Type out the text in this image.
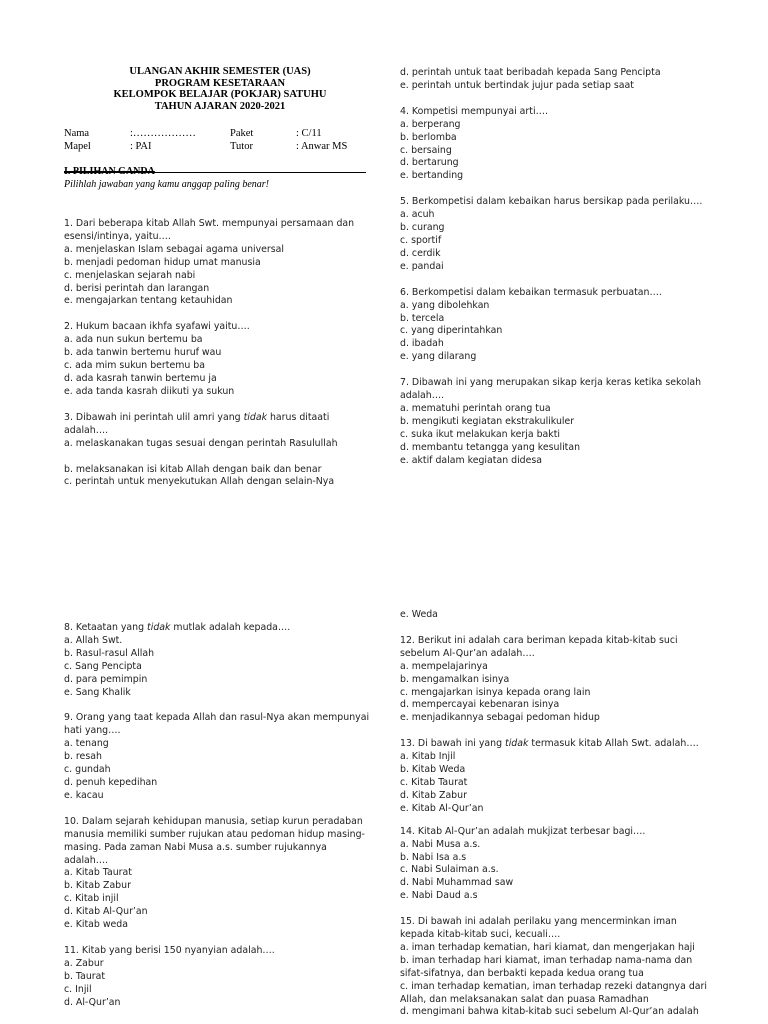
ULANGAN AKHIR SEMESTER (UAS)
PROGRAM KESETARAAN
KELOMPOK BELAJAR (POKJAR) SATUHU
TAHUN AJARAN 2020-2021
Nama
Mapel
:………………
: PAI
Paket
Tutor
: C/11
: Anwar MS
I. PILIHAN GANDA
Pilihlah jawaban yang kamu anggap paling benar!

1. Dari beberapa kitab Allah Swt. mempunyai persamaan dan esensi/intinya, yaitu….

a. menjelaskan Islam sebagai agama universal

b. menjadi pedoman hidup umat manusia

c. menjelaskan sejarah nabi

d. berisi perintah dan larangan

e. mengajarkan tentang ketauhidan

2. Hukum bacaan ikhfa syafawi yaitu….

a. ada nun sukun bertemu ba

b. ada tanwin bertemu huruf wau

c. ada mim sukun bertemu ba

d. ada kasrah tanwin bertemu ja

e. ada tanda kasrah diikuti ya sukun

3. Dibawah ini perintah ulil amri yang tidak harus ditaati adalah….

a. melaskanakan tugas sesuai dengan perintah Rasulullah

b. melaksanakan isi kitab Allah dengan baik dan benar

c. perintah untuk menyekutukan Allah dengan selain-Nya

d. perintah untuk taat beribadah kepada Sang Pencipta

e. perintah untuk bertindak jujur pada setiap saat

4. Kompetisi mempunyai arti….

a. berperang

b. berlomba

c. bersaing

d. bertarung

e. bertanding

5. Berkompetisi dalam kebaikan harus bersikap pada perilaku….

a. acuh

b. curang

c. sportif

d. cerdik

e. pandai

6. Berkompetisi dalam kebaikan termasuk perbuatan….

a. yang dibolehkan

b. tercela

c. yang diperintahkan

d. ibadah

e. yang dilarang

7. Dibawah ini yang merupakan sikap kerja keras ketika sekolah adalah….

a. mematuhi perintah orang tua

b. mengikuti kegiatan ekstrakulikuler

c. suka ikut melakukan kerja bakti

d. membantu tetangga yang kesulitan

e. aktif dalam kegiatan didesa

8. Ketaatan yang tidak mutlak adalah kepada….

a. Allah Swt.

b. Rasul-rasul Allah

c. Sang Pencipta

d. para pemimpin

e. Sang Khalik

9. Orang yang taat kepada Allah dan rasul-Nya akan mempunyai hati yang….

a. tenang

b. resah

c. gundah

d. penuh kepedihan

e. kacau

10. Dalam sejarah kehidupan manusia, setiap kurun peradaban manusia memiliki sumber rujukan atau pedoman hidup masing-masing. Pada zaman Nabi Musa a.s. sumber rujukannya adalah….

a. Kitab Taurat

b. Kitab Zabur

c. Kitab injil

d. Kitab Al-Qur’an

e. Kitab weda

11. Kitab yang berisi 150 nyanyian adalah….

a. Zabur

b. Taurat

c. Injil

d. Al-Qur’an

e. Weda

12. Berikut ini adalah cara beriman kepada kitab-kitab suci sebelum Al-Qur’an adalah….

a. mempelajarinya

b. mengamalkan isinya

c. mengajarkan isinya kepada orang lain

d. mempercayai kebenaran isinya

e. menjadikannya sebagai pedoman hidup

13. Di bawah ini yang tidak termasuk kitab Allah Swt. adalah….

a. Kitab Injil

b. Kitab Weda

c. Kitab Taurat

d. Kitab Zabur

e. Kitab Al-Qur’an

14. Kitab Al-Qur’an adalah mukjizat terbesar bagi….

a. Nabi Musa a.s.

b. Nabi Isa a.s

c. Nabi Sulaiman a.s.

d. Nabi Muhammad saw

e. Nabi Daud a.s

15. Di bawah ini adalah perilaku yang mencerminkan iman kepada kitab-kitab suci, kecuali….

a. iman terhadap kematian, hari kiamat, dan mengerjakan haji

b. iman terhadap hari kiamat, iman terhadap nama-nama dan sifat-sifatnya, dan berbakti kepada kedua orang tua

c. iman terhadap kematian, iman terhadap rezeki datangnya dari Allah, dan melaksanakan salat dan puasa Ramadhan

d. mengimani bahwa kitab-kitab suci sebelum Al-Qur’an adalah
